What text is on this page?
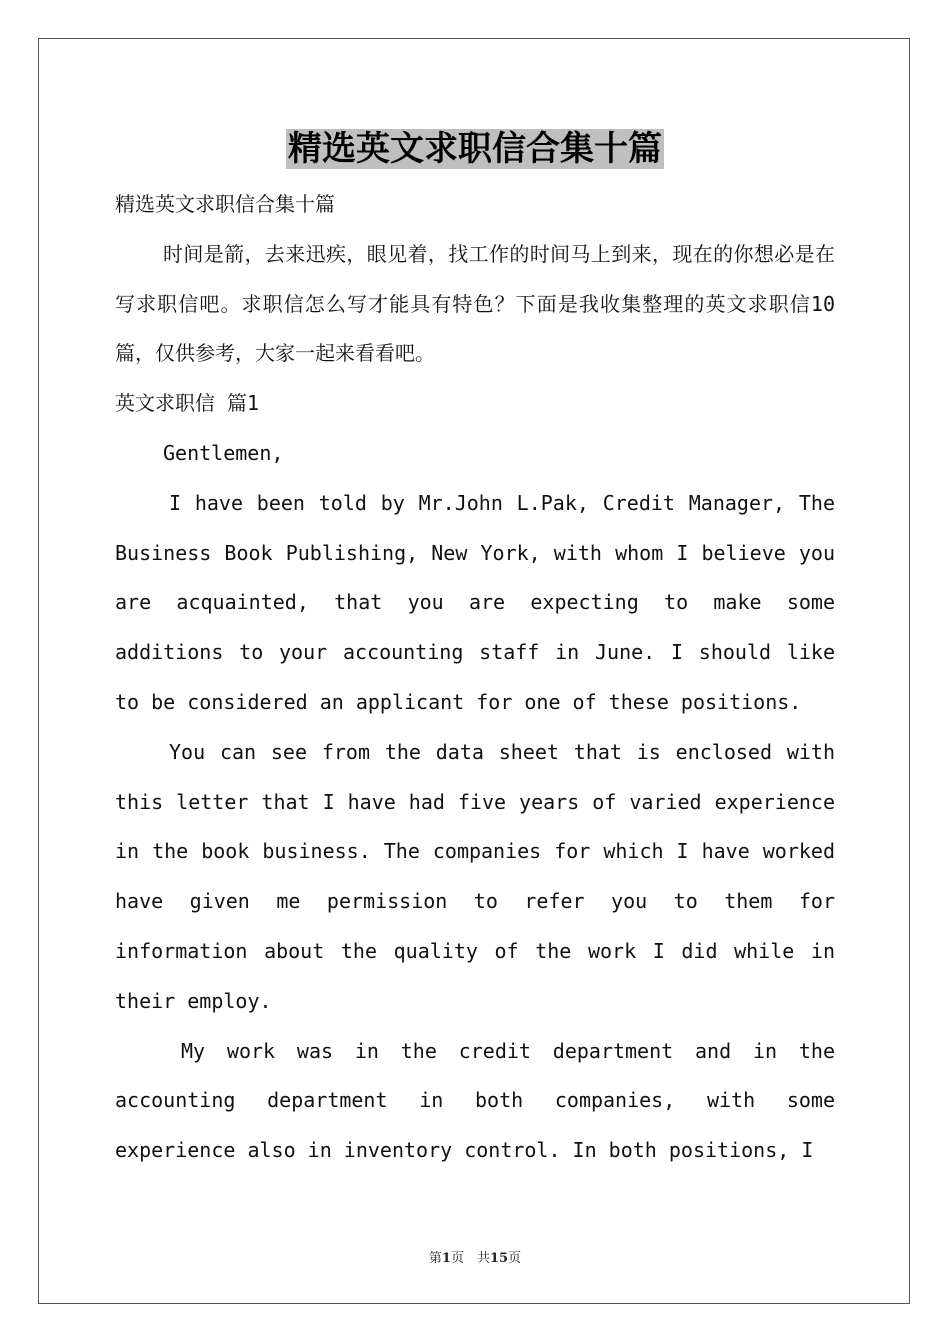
精选英文求职信合集十篇

精选英文求职信合集十篇

时间是箭，去来迅疾，眼见着，找工作的时间马上到来，现在的你想必是在写求职信吧。求职信怎么写才能具有特色？下面是我收集整理的英文求职信10篇，仅供参考，大家一起来看看吧。

英文求职信 篇1

Gentlemen,

I have been told by Mr.John L.Pak, Credit Manager, The Business Book Publishing, New York, with whom I believe you are acquainted, that you are expecting to make some additions to your accounting staff in June. I should like to be considered an applicant for one of these positions.

You can see from the data sheet that is enclosed with this letter that I have had five years of varied experience in the book business. The companies for which I have worked have given me permission to refer you to them for information about the quality of the work I did while in their employ.

My work was in the credit department and in the accounting department in both companies, with some experience also in inventory control. In both positions, I

第1页　共15页
